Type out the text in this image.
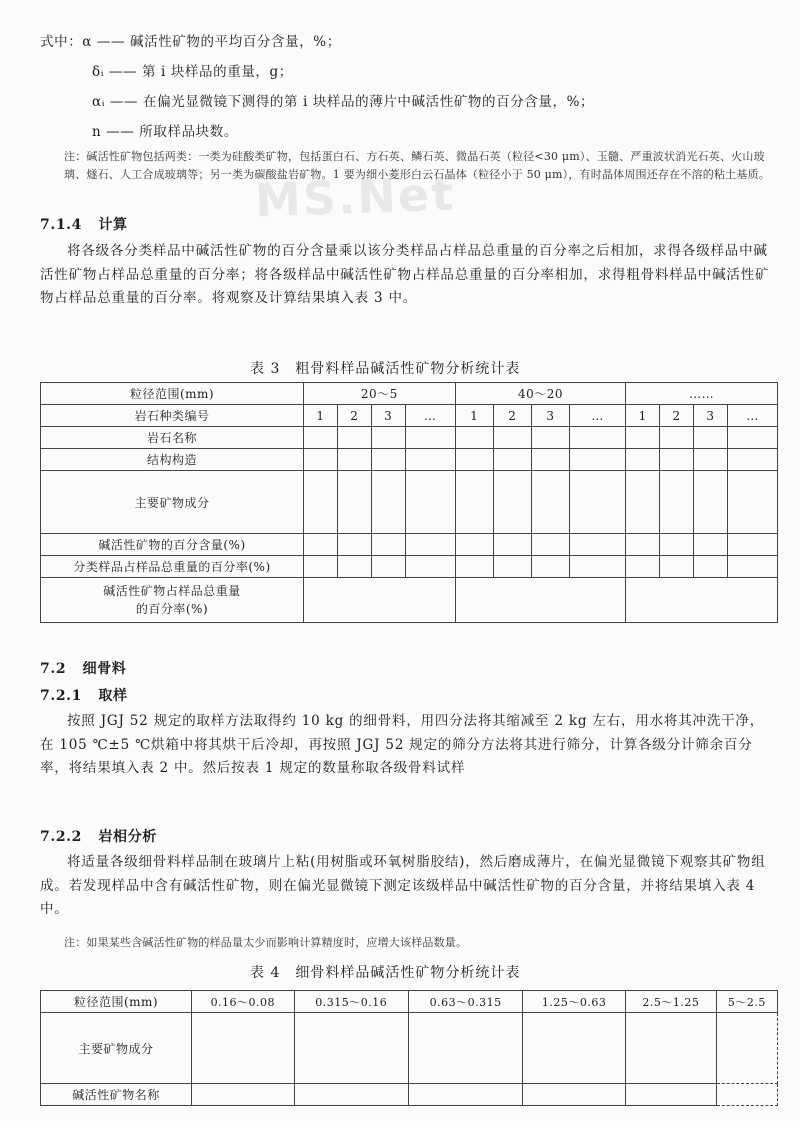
MS.Net
式中：α —— 碱活性矿物的平均百分含量，%；
δᵢ —— 第 i 块样品的重量，g；
αᵢ —— 在偏光显微镜下测得的第 i 块样品的薄片中碱活性矿物的百分含量，%；
n —— 所取样品块数。
注：碱活性矿物包括两类：一类为硅酸类矿物，包括蛋白石、方石英、鳞石英、微晶石英（粒径<30 μm）、玉髓、严重波状消光石英、火山玻璃、燧石、人工合成玻璃等；另一类为碳酸盐岩矿物。1 要为细小菱形白云石晶体（粒径小于 50 μm），有时晶体周围还存在不溶的粘土基质。
7.1.4 计算
将各级各分类样品中碱活性矿物的百分含量乘以该分类样品占样品总重量的百分率之后相加，求得各级样品中碱活性矿物占样品总重量的百分率；将各级样品中碱活性矿物占样品总重量的百分率相加，求得粗骨料样品中碱活性矿物占样品总重量的百分率。将观察及计算结果填入表 3 中。
表 3　粗骨料样品碱活性矿物分析统计表
粒径范围(mm)	20～5				40～20				……			
岩石种类编号	1	2	3	…	1	2	3	…	1	2	3	…
岩石名称												
结构构造												
主要矿物成分												
碱活性矿物的百分含量(%)												
分类样品占样品总重量的百分率(%)												
碱活性矿物占样品总重量的百分率(%)												
7.2 细骨料
7.2.1 取样
按照 JGJ 52 规定的取样方法取得约 10 kg 的细骨料，用四分法将其缩减至 2 kg 左右，用水将其冲洗干净，在 105 ℃±5 ℃烘箱中将其烘干后冷却，再按照 JGJ 52 规定的筛分方法将其进行筛分，计算各级分计筛余百分率，将结果填入表 2 中。然后按表 1 规定的数量称取各级骨料试样
7.2.2 岩相分析
将适量各级细骨料样品制在玻璃片上粘(用树脂或环氧树脂胶结)，然后磨成薄片，在偏光显微镜下观察其矿物组成。若发现样品中含有碱活性矿物，则在偏光显微镜下测定该级样品中碱活性矿物的百分含量，并将结果填入表 4 中。
注：如果某些含碱活性矿物的样品量太少而影响计算精度时，应增大该样品数量。
表 4　细骨料样品碱活性矿物分析统计表
粒径范围(mm)	0.16～0.08	0.315～0.16	0.63～0.315	1.25～0.63	2.5～1.25	5～2.5
主要矿物成分						
碱活性矿物名称						
